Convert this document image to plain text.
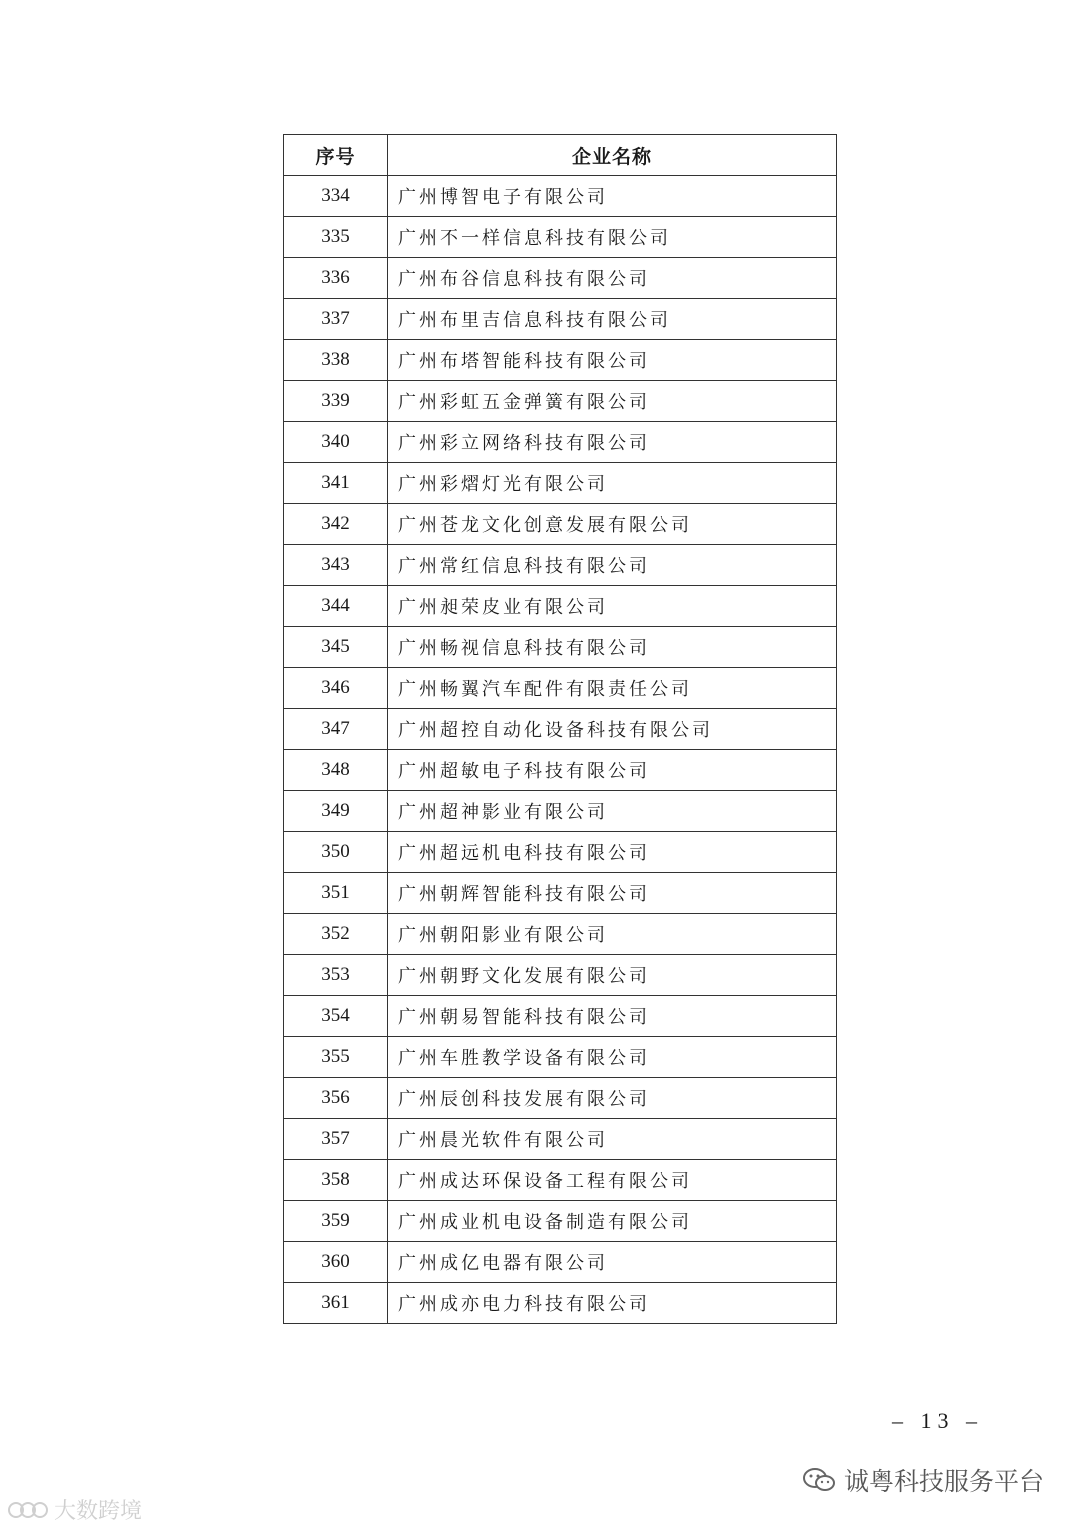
序号	企业名称
334	广州博智电子有限公司
335	广州不一样信息科技有限公司
336	广州布谷信息科技有限公司
337	广州布里吉信息科技有限公司
338	广州布塔智能科技有限公司
339	广州彩虹五金弹簧有限公司
340	广州彩立网络科技有限公司
341	广州彩熠灯光有限公司
342	广州苍龙文化创意发展有限公司
343	广州常红信息科技有限公司
344	广州昶荣皮业有限公司
345	广州畅视信息科技有限公司
346	广州畅翼汽车配件有限责任公司
347	广州超控自动化设备科技有限公司
348	广州超敏电子科技有限公司
349	广州超神影业有限公司
350	广州超远机电科技有限公司
351	广州朝辉智能科技有限公司
352	广州朝阳影业有限公司
353	广州朝野文化发展有限公司
354	广州朝易智能科技有限公司
355	广州车胜教学设备有限公司
356	广州辰创科技发展有限公司
357	广州晨光软件有限公司
358	广州成达环保设备工程有限公司
359	广州成业机电设备制造有限公司
360	广州成亿电器有限公司
361	广州成亦电力科技有限公司
– 13 –
诚粤科技服务平台
大数跨境
